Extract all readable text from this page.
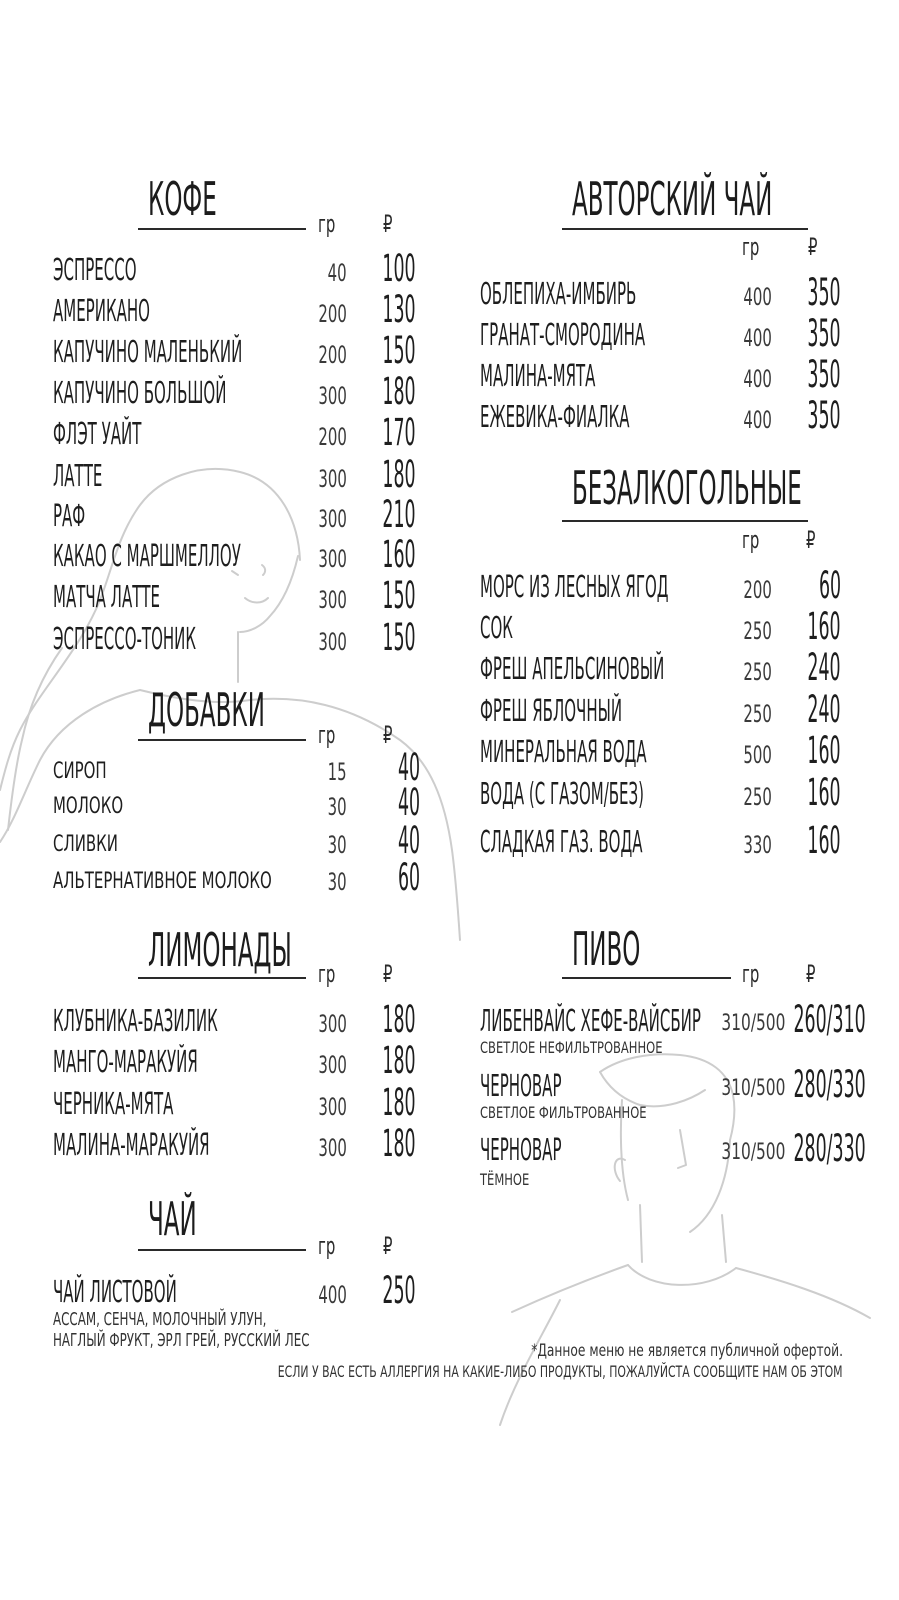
КОФЕ	гр ₽
ЭСПРЕССО	40 100
АМЕРИКАНО	200 130
КАПУЧИНО МАЛЕНЬКИЙ	200 150
КАПУЧИНО БОЛЬШОЙ	300 180
ФЛЭТ УАЙТ	200 170
ЛАТТЕ	300 180
РАФ	300 210
КАКАО С МАРШМЕЛЛОУ	300 160
МАТЧА ЛАТТЕ	300 150
ЭСПРЕССО-ТОНИК	300 150
ДОБАВКИ гр ₽
СИРОП	15 40
МОЛОКО	30 40
СЛИВКИ	30 40
АЛЬТЕРНАТИВНОЕ МОЛОКО 30 60
ЛИМОНАДЫ гр ₽
КЛУБНИКА-БАЗИЛИК	300 180
МАНГО-МАРАКУЙЯ	300 180
ЧЕРНИКА-МЯТА	300 180
МАЛИНА-МАРАКУЙЯ	300 180
ЧАЙ	гр ₽
ЧАЙ ЛИСТОВОЙ	400 250
АССАМ, СЕНЧА, МОЛОЧНЫЙ УЛУН,
НАГЛЫЙ ФРУКТ, ЭРЛ ГРЕЙ, РУССКИЙ ЛЕС
АВТОРСКИЙ ЧАЙ
гр ₽
ОБЛЕПИХА-ИМБИРЬ	400 350
ГРАНАТ-СМОРОДИНА	400 350
МАЛИНА-МЯТА	400 350
ЕЖЕВИКА-ФИАЛКА	400 350
БЕЗАЛКОГОЛЬНЫЕ
гр ₽
МОРС ИЗ ЛЕСНЫХ ЯГОД	200 60
СОК	250 160
ФРЕШ АПЕЛЬСИНОВЫЙ	250 240
ФРЕШ ЯБЛОЧНЫЙ	250 240
МИНЕРАЛЬНАЯ ВОДА	500 160
ВОДА (С ГАЗОМ/БЕЗ)	250 160
СЛАДКАЯ ГАЗ. ВОДА	330 160
ПИВО	гр ₽
ЛИБЕНВАЙС ХЕФЕ-ВАЙСБИР 310/500 260/310
СВЕТЛОЕ НЕФИЛЬТРОВАННОЕ
ЧЕРНОВАР	310/500 280/330
СВЕТЛОЕ ФИЛЬТРОВАННОЕ
ЧЕРНОВАР	310/500 280/330
ТЁМНОЕ
*Данное меню не является публичной офертой.
ЕСЛИ У ВАС ЕСТЬ АЛЛЕРГИЯ НА КАКИЕ-ЛИБО ПРОДУКТЫ, ПОЖАЛУЙСТА СООБЩИТЕ НАМ ОБ ЭТОМ
